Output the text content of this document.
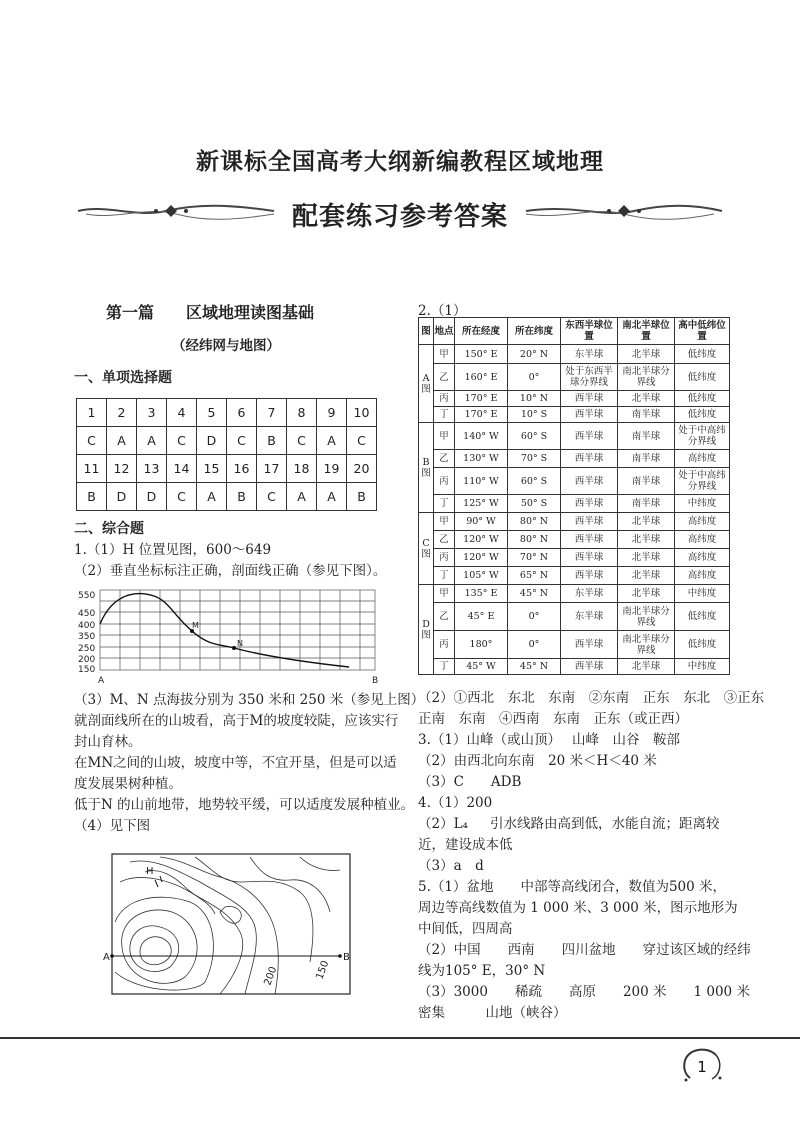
新课标全国高考大纲新编教程区域地理
配套练习参考答案
第一篇　　区域地理读图基础
（经纬网与地图）
一、单项选择题
1	2	3	4	5	6	7	8	9	10
C	A	A	C	D	C	B	C	A	C
11	12	13	14	15	16	17	18	19	20
B	D	D	C	A	B	C	A	A	B
二、综合题
1.（1）H 位置见图，600～649
（2）垂直坐标标注正确，剖面线正确（参见下图）。
550
450
400
350
250
200
150
A	B
M
N
（3）M、N 点海拔分别为 350 米和 250 米（参见上图）
就剖面线所在的山坡看，高于M的坡度较陡，应该实行
封山育林。
在MN之间的山坡，坡度中等，不宜开垦，但是可以适
度发展果树种植。
低于N 的山前地带，地势较平缓，可以适度发展种植业。
（4）见下图
H
A	B
200	150
2.（1）
图	地点	所在经度	所在纬度	东西半球位置	南北半球位置	高中低纬位置
A图	甲	150° E	20° N	东半球	北半球	低纬度
	乙	160° E	0°	处于东西半球分界线	南北半球分界线	低纬度
	丙	170° E	10° N	西半球	北半球	低纬度
	丁	170° E	10° S	西半球	南半球	低纬度
B图	甲	140° W	60° S	西半球	南半球	处于中高纬分界线
	乙	130° W	70° S	西半球	南半球	高纬度
	丙	110° W	60° S	西半球	南半球	处于中高纬分界线
	丁	125° W	50° S	西半球	南半球	中纬度
C图	甲	90° W	80° N	西半球	北半球	高纬度
	乙	120° W	80° N	西半球	北半球	高纬度
	丙	120° W	70° N	西半球	北半球	高纬度
	丁	105° W	65° N	西半球	北半球	高纬度
D图	甲	135° E	45° N	东半球	北半球	中纬度
	乙	45° E	0°	东半球	南北半球分界线	低纬度
	丙	180°	0°	西半球	南北半球分界线	低纬度
	丁	45° W	45° N	西半球	北半球	中纬度
（2）①西北　东北　东南　②东南　正东　东北　③正东
正南　东南　④西南　东南　正东（或正西）
3.（1）山峰（或山顶）　 山峰　山谷　鞍部
（2）由西北向东南　20 米＜H＜40 米
（3）C　　ADB
4.（1）200
（2）L₄ 　 引水线路由高到低，水能自流；距离较
近，建设成本低
（3）a　d
5.（1）盆地　　中部等高线闭合，数值为500 米，
周边等高线数值为 1 000 米、3 000 米，图示地形为
中间低，四周高
（2）中国　　西南　　四川盆地　　穿过该区域的经纬
线为105° E，30° N
（3）3000　　稀疏　　高原　　200 米　　1 000 米
密集　　　山地（峡谷）
1
